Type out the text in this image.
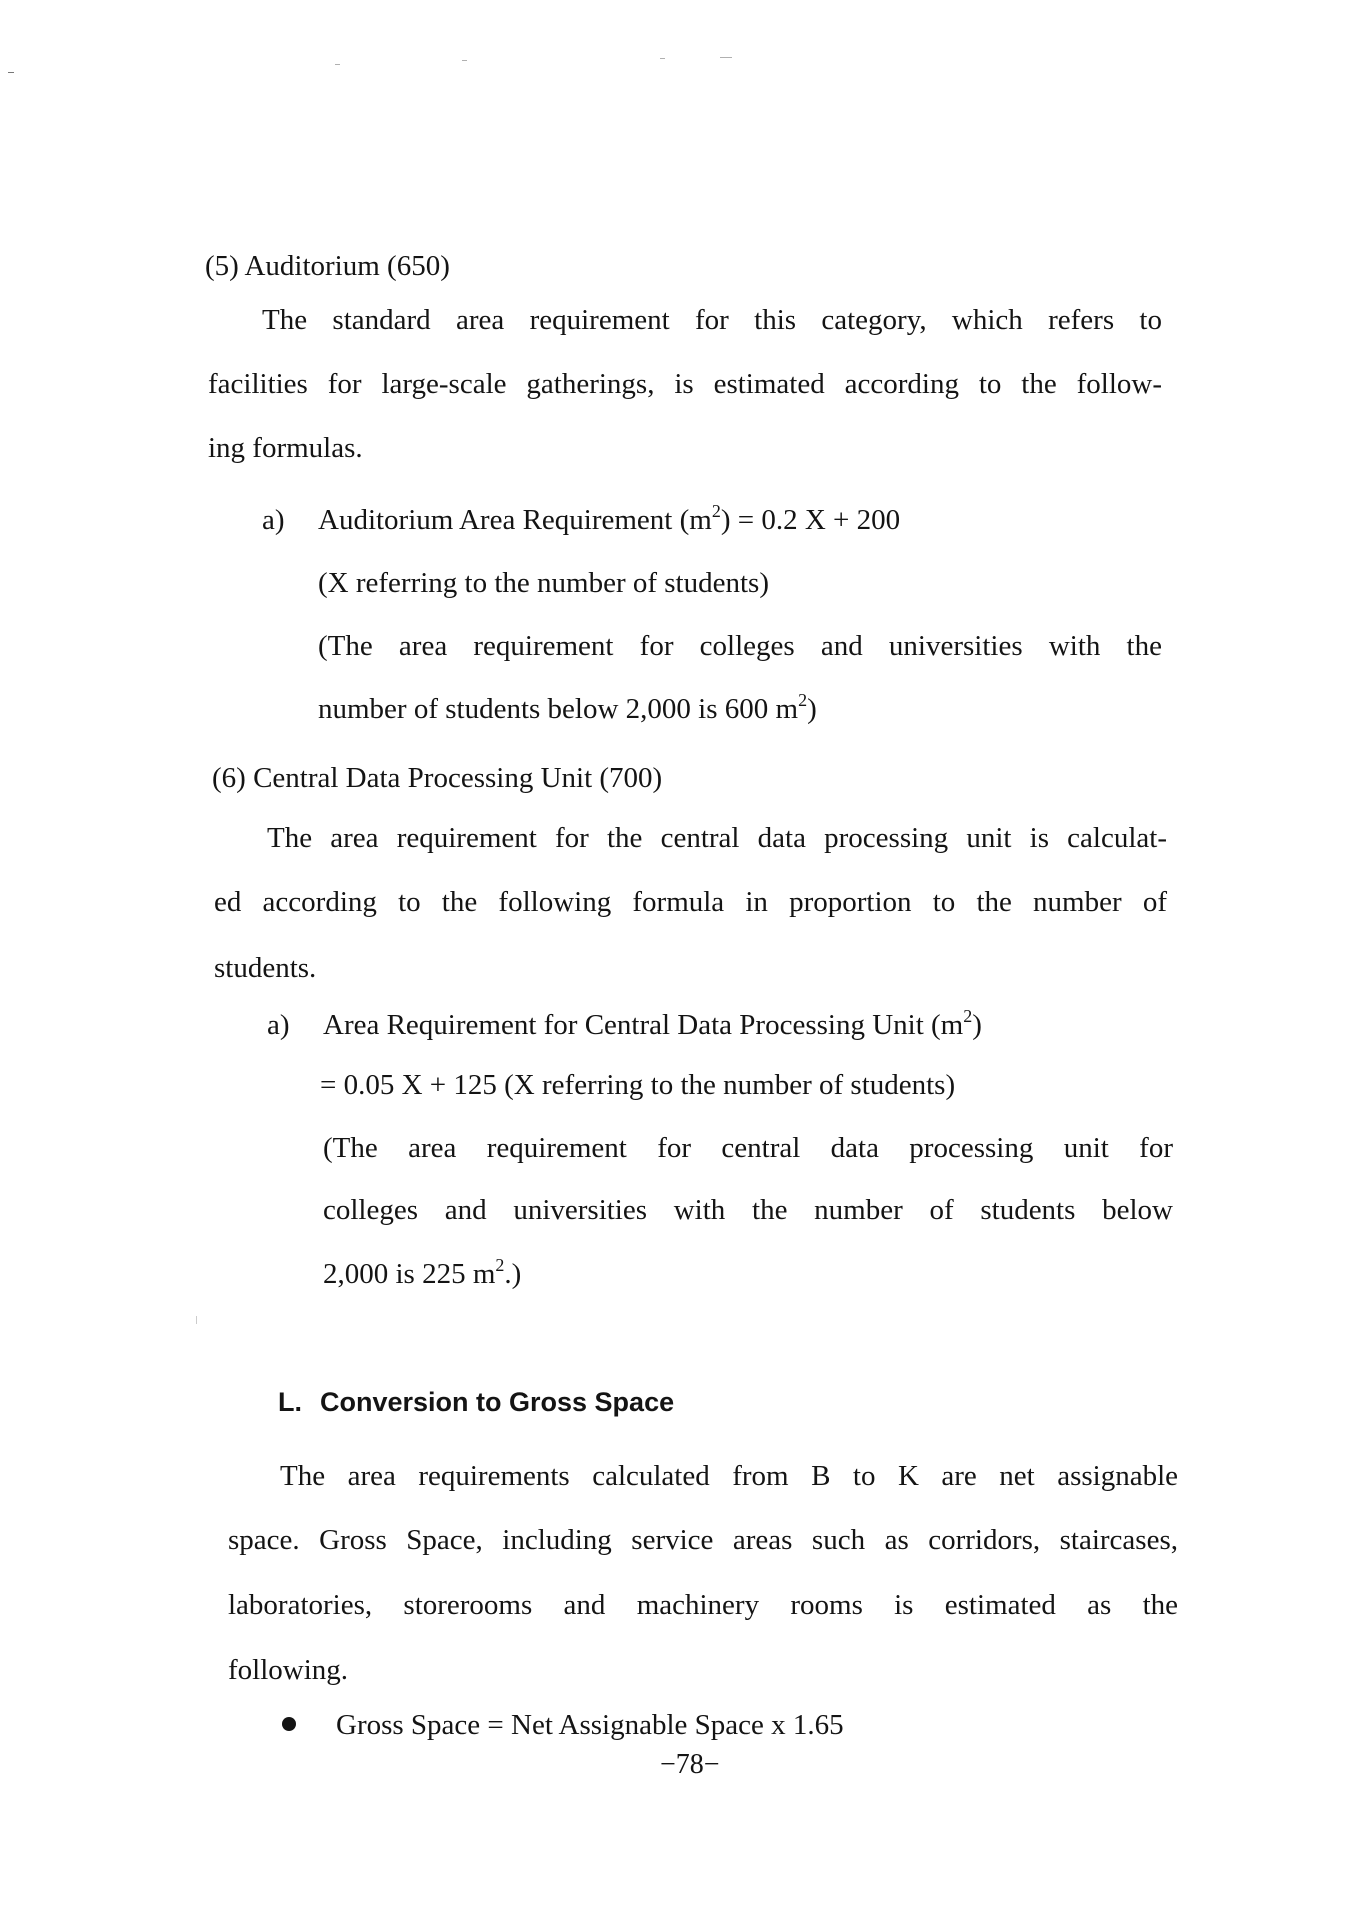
(5) Auditorium (650)
The standard area requirement for this category, which refers to
facilities for large-scale gatherings, is estimated according to the follow-
ing formulas.
a) Auditorium Area Requirement $(m^2) = 0.2$ X + 200
(X referring to the number of students)
(The area requirement for colleges and universities with the
number of students below 2,000 is 600 $m^2$)
(6) Central Data Processing Unit (700)
The area requirement for the central data processing unit is calculat-
ed according to the following formula in proportion to the number of
students.
a) Area Requirement for Central Data Processing Unit $(m^2)$
= 0.05 X + 125 (X referring to the number of students)
(The area requirement for central data processing unit for
colleges and universities with the number of students below
2,000 is 225 $m^2$.)
L. Conversion to Gross Space
The area requirements calculated from B to K are net assignable
space. Gross Space, including service areas such as corridors, staircases,
laboratories, storerooms and machinery rooms is estimated as the
following.
Gross Space = Net Assignable Space x 1.65
−78−
